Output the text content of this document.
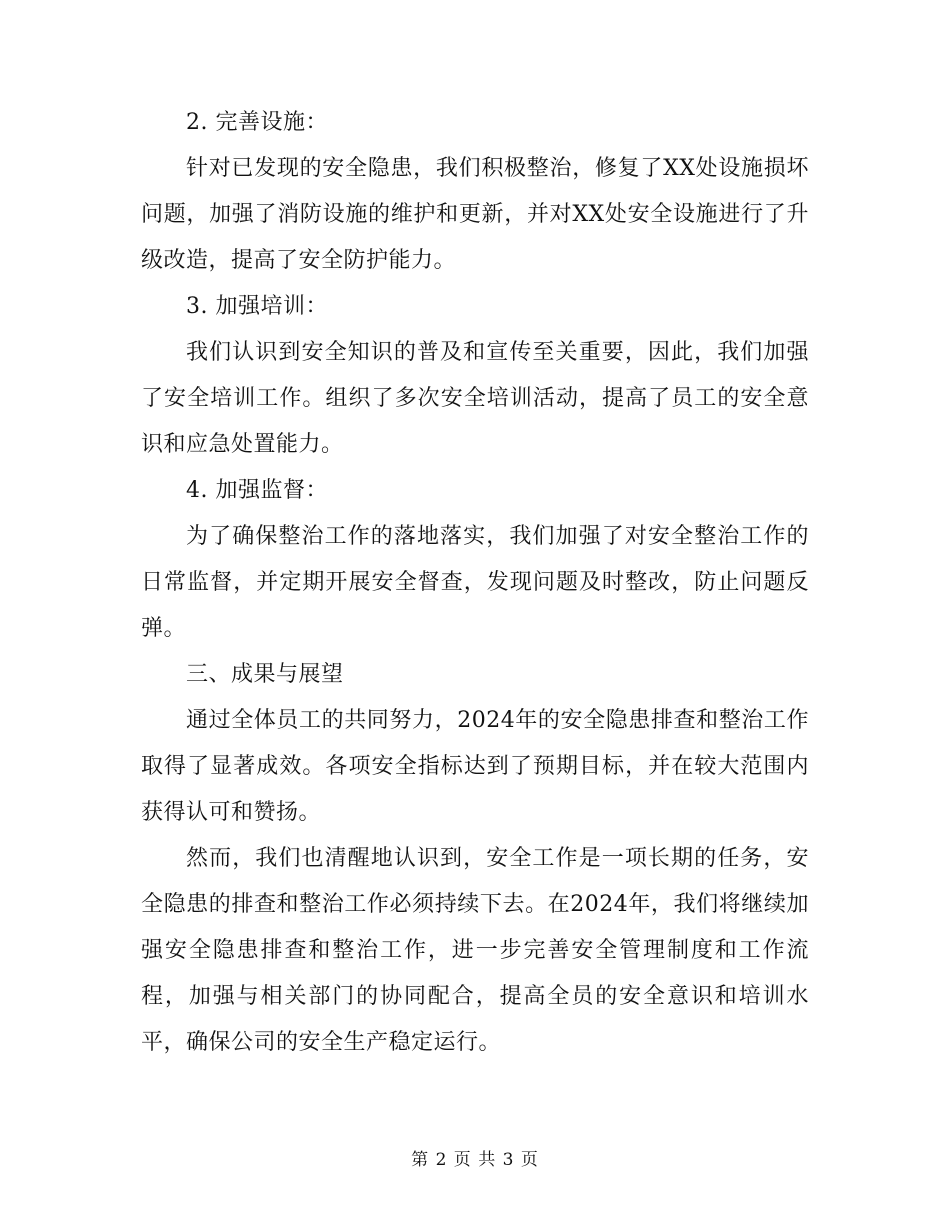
2. 完善设施：

针对已发现的安全隐患，我们积极整治，修复了XX处设施损坏问题，加强了消防设施的维护和更新，并对XX处安全设施进行了升级改造，提高了安全防护能力。

3. 加强培训：

我们认识到安全知识的普及和宣传至关重要，因此，我们加强了安全培训工作。组织了多次安全培训活动，提高了员工的安全意识和应急处置能力。

4. 加强监督：

为了确保整治工作的落地落实，我们加强了对安全整治工作的日常监督，并定期开展安全督查，发现问题及时整改，防止问题反弹。

三、成果与展望

通过全体员工的共同努力，2024年的安全隐患排查和整治工作取得了显著成效。各项安全指标达到了预期目标，并在较大范围内获得认可和赞扬。

然而，我们也清醒地认识到，安全工作是一项长期的任务，安全隐患的排查和整治工作必须持续下去。在2024年，我们将继续加强安全隐患排查和整治工作，进一步完善安全管理制度和工作流程，加强与相关部门的协同配合，提高全员的安全意识和培训水平，确保公司的安全生产稳定运行。

第 2 页 共 3 页
